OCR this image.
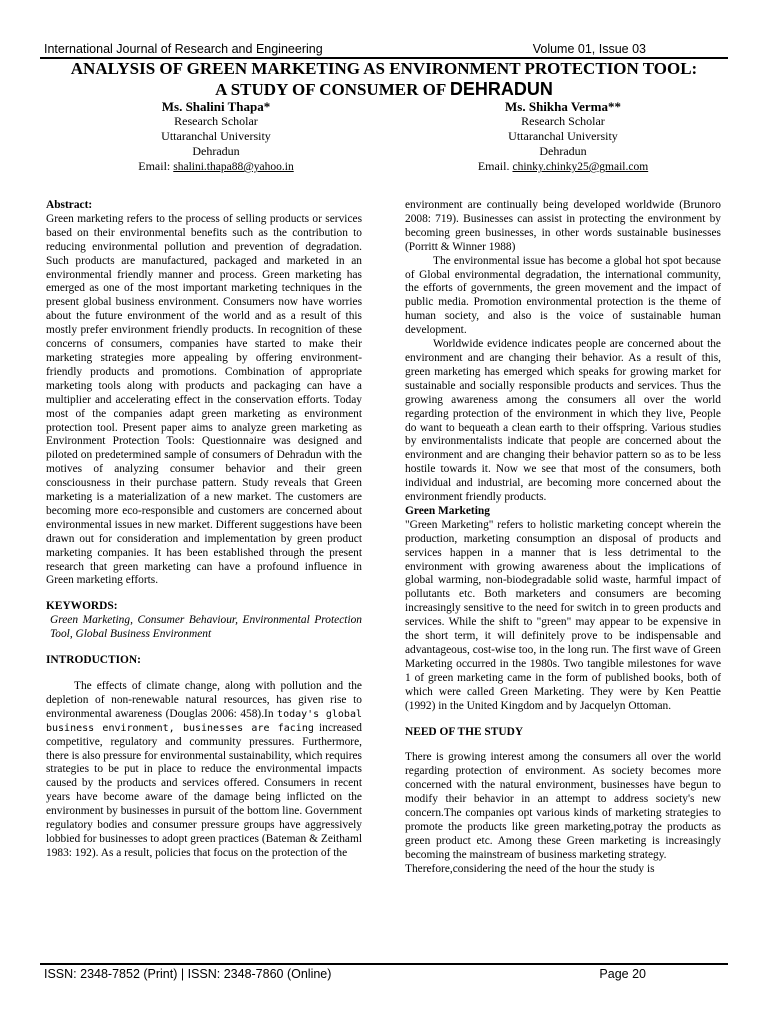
International Journal of Research and Engineering	Volume 01, Issue 03
ANALYSIS OF GREEN MARKETING AS ENVIRONMENT PROTECTION TOOL:
A STUDY OF CONSUMER OF DEHRADUN
Ms. Shalini Thapa*
Research Scholar
Uttaranchal University
Dehradun
Email: shalini.thapa88@yahoo.in
Ms. Shikha Verma**
Research Scholar
Uttaranchal University
Dehradun
Email. chinky.chinky25@gmail.com

Abstract:

Green marketing refers to the process of selling products or services based on their environmental benefits such as the contribution to reducing environmental pollution and prevention of degradation. Such products are manufactured, packaged and marketed in an environmental friendly manner and process. Green marketing has emerged as one of the most important marketing techniques in the present global business environment. Consumers now have worries about the future environment of the world and as a result of this mostly prefer environment friendly products. In recognition of these concerns of consumers, companies have started to make their marketing strategies more appealing by offering environment-friendly products and promotions. Combination of appropriate marketing tools along with products and packaging can have a multiplier and accelerating effect in the conservation efforts. Today most of the companies adapt green marketing as environment protection tool. Present paper aims to analyze green marketing as Environment Protection Tools: Questionnaire was designed and piloted on predetermined sample of consumers of Dehradun with the motives of analyzing consumer behavior and their green consciousness in their purchase pattern. Study reveals that Green marketing is a materialization of a new market. The customers are becoming more eco-responsible and customers are concerned about environmental issues in new market. Different suggestions have been drawn out for consideration and implementation by green product marketing companies. It has been established through the present research that green marketing can have a profound influence in Green marketing efforts.

KEYWORDS:

Green Marketing, Consumer Behaviour, Environmental Protection Tool, Global Business Environment

INTRODUCTION:

The effects of climate change, along with pollution and the depletion of non-renewable natural resources, has given rise to environmental awareness (Douglas 2006: 458).In today's global business environment, businesses are facing increased competitive, regulatory and community pressures. Furthermore, there is also pressure for environmental sustainability, which requires strategies to be put in place to reduce the environmental impacts caused by the products and services offered. Consumers in recent years have become aware of the damage being inflicted on the environment by businesses in pursuit of the bottom line. Government regulatory bodies and consumer pressure groups have aggressively lobbied for businesses to adopt green practices (Bateman & Zeithaml 1983: 192). As a result, policies that focus on the protection of the

environment are continually being developed worldwide (Brunoro 2008: 719). Businesses can assist in protecting the environment by becoming green businesses, in other words sustainable businesses (Porritt & Winner 1988)

The environmental issue has become a global hot spot because of Global environmental degradation, the international community, the efforts of governments, the green movement and the impact of public media. Promotion environmental protection is the theme of human society, and also is the voice of sustainable human development.

Worldwide evidence indicates people are concerned about the environment and are changing their behavior. As a result of this, green marketing has emerged which speaks for growing market for sustainable and socially responsible products and services. Thus the growing awareness among the consumers all over the world regarding protection of the environment in which they live, People do want to bequeath a clean earth to their offspring. Various studies by environmentalists indicate that people are concerned about the environment and are changing their behavior pattern so as to be less hostile towards it. Now we see that most of the consumers, both individual and industrial, are becoming more concerned about the environment friendly products.

Green Marketing

"Green Marketing" refers to holistic marketing concept wherein the production, marketing consumption an disposal of products and services happen in a manner that is less detrimental to the environment with growing awareness about the implications of global warming, non-biodegradable solid waste, harmful impact of pollutants etc. Both marketers and consumers are becoming increasingly sensitive to the need for switch in to green products and services. While the shift to "green" may appear to be expensive in the short term, it will definitely prove to be indispensable and advantageous, cost-wise too, in the long run. The first wave of Green Marketing occurred in the 1980s. Two tangible milestones for wave 1 of green marketing came in the form of published books, both of which were called Green Marketing. They were by Ken Peattie (1992) in the United Kingdom and by Jacquelyn Ottoman.

NEED OF THE STUDY

There is growing interest among the consumers all over the world regarding protection of environment. As society becomes more concerned with the natural environment, businesses have begun to modify their behavior in an attempt to address society's new concern.The companies opt various kinds of marketing strategies to promote the products like green marketing,potray the products as green product etc. Among these Green marketing is increasingly becoming the mainstream of business marketing strategy.

Therefore,considering the need of the hour the study is

ISSN: 2348-7852 (Print) | ISSN: 2348-7860 (Online)	Page 20
